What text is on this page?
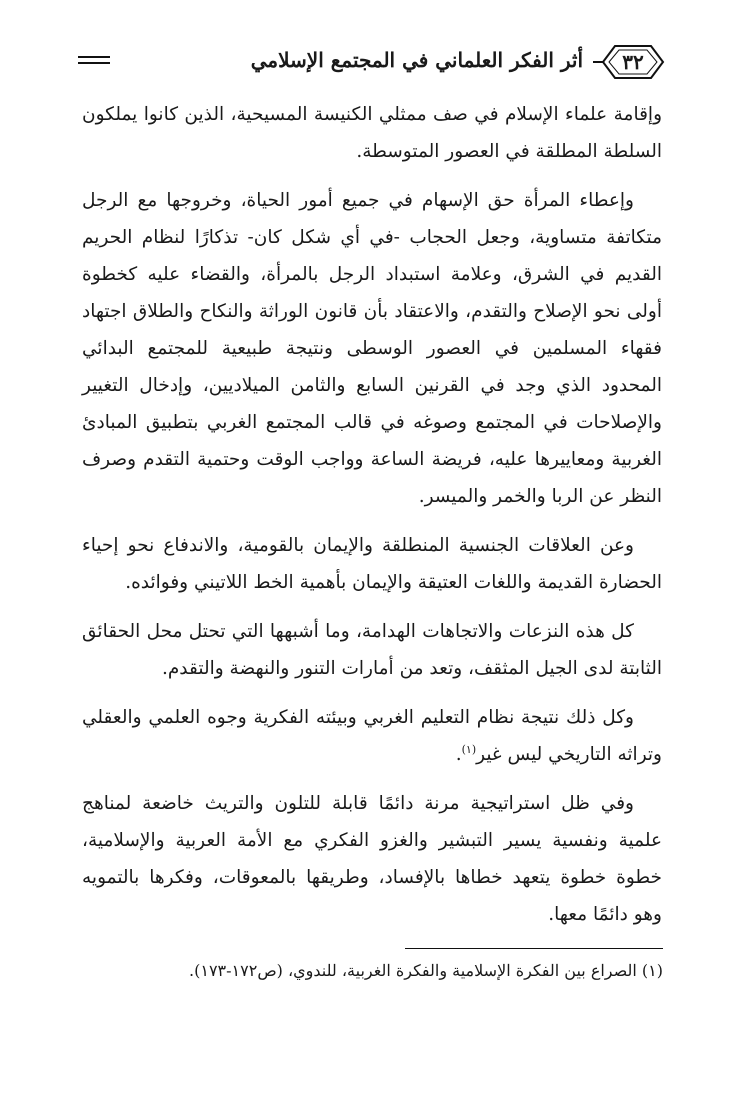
أثر الفكر العلماني في المجتمع الإسلامي	٣٢

وإقامة علماء الإسلام في صف ممثلي الكنيسة المسيحية، الذين كانوا يملكون السلطة المطلقة في العصور المتوسطة.

وإعطاء المرأة حق الإسهام في جميع أمور الحياة، وخروجها مع الرجل متكاتفة متساوية، وجعل الحجاب -في أي شكل كان- تذكارًا لنظام الحريم القديم في الشرق، وعلامة استبداد الرجل بالمرأة، والقضاء عليه كخطوة أولى نحو الإصلاح والتقدم، والاعتقاد بأن قانون الوراثة والنكاح والطلاق اجتهاد فقهاء المسلمين في العصور الوسطى ونتيجة طبيعية للمجتمع البدائي المحدود الذي وجد في القرنين السابع والثامن الميلاديين، وإدخال التغيير والإصلاحات في المجتمع وصوغه في قالب المجتمع الغربي بتطبيق المبادئ الغربية ومعاييرها عليه، فريضة الساعة وواجب الوقت وحتمية التقدم وصرف النظر عن الربا والخمر والميسر.

وعن العلاقات الجنسية المنطلقة والإيمان بالقومية، والاندفاع نحو إحياء الحضارة القديمة واللغات العتيقة والإيمان بأهمية الخط اللاتيني وفوائده.

كل هذه النزعات والاتجاهات الهدامة، وما أشبهها التي تحتل محل الحقائق الثابتة لدى الجيل المثقف، وتعد من أمارات التنور والنهضة والتقدم.

وكل ذلك نتيجة نظام التعليم الغربي وبيئته الفكرية وجوه العلمي والعقلي وتراثه التاريخي ليس غير$^{(١)}$.

وفي ظل استراتيجية مرنة دائمًا قابلة للتلون والتريث خاضعة لمناهج علمية ونفسية يسير التبشير والغزو الفكري مع الأمة العربية والإسلامية، خطوة خطوة يتعهد خطاها بالإفساد، وطريقها بالمعوقات، وفكرها بالتمويه وهو دائمًا معها.

(١) الصراع بين الفكرة الإسلامية والفكرة الغربية، للندوي، (ص١٧٢-١٧٣).
